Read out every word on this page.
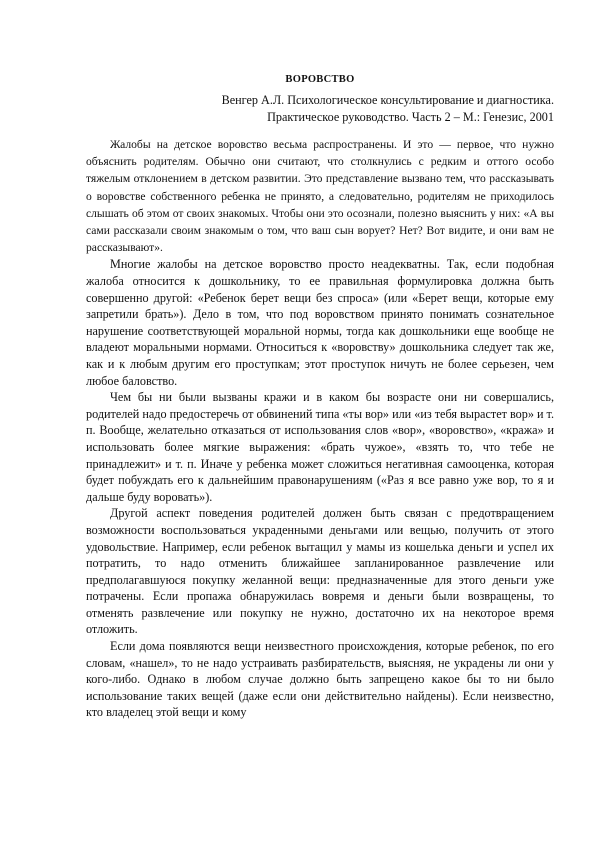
ВОРОВСТВО
Венгер А.Л. Психологическое консультирование и диагностика.
Практическое руководство. Часть 2 – М.: Генезис, 2001

Жалобы на детское воровство весьма распространены. И это — первое, что нужно объяснить родителям. Обычно они считают, что столкнулись с редким и оттого особо тяжелым отклонением в детском развитии. Это представление вызвано тем, что рассказывать о воровстве собственного ребенка не принято, а следовательно, родителям не приходилось слышать об этом от своих знакомых. Чтобы они это осознали, полезно выяснить у них: «А вы сами рассказали своим знакомым о том, что ваш сын ворует? Нет? Вот видите, и они вам не рассказывают».

Многие жалобы на детское воровство просто неадекватны. Так, если подобная жалоба относится к дошкольнику, то ее правильная формулировка должна быть совершенно другой: «Ребенок берет вещи без спроса» (или «Берет вещи, которые ему запретили брать»). Дело в том, что под воровством принято понимать сознательное нарушение соответствующей моральной нормы, тогда как дошкольники еще вообще не владеют моральными нормами. Относиться к «воровству» дошкольника следует так же, как и к любым другим его проступкам; этот проступок ничуть не более серьезен, чем любое баловство.

Чем бы ни были вызваны кражи и в каком бы возрасте они ни совершались, родителей надо предостеречь от обвинений типа «ты вор» или «из тебя вырастет вор» и т. п. Вообще, желательно отказаться от использования слов «вор», «воровство», «кража» и использовать более мягкие выражения: «брать чужое», «взять то, что тебе не принадлежит» и т. п. Иначе у ребенка может сложиться негативная самооценка, которая будет побуждать его к дальнейшим правонарушениям («Раз я все равно уже вор, то я и дальше буду воровать»).

Другой аспект поведения родителей должен быть связан с предотвращением возможности воспользоваться украденными деньгами или вещью, получить от этого удовольствие. Например, если ребенок вытащил у мамы из кошелька деньги и успел их потратить, то надо отменить ближайшее запланированное развлечение или предполагавшуюся покупку желанной вещи: предназначенные для этого деньги уже потрачены. Если пропажа обнаружилась вовремя и деньги были возвращены, то отменять развлечение или покупку не нужно, достаточно их на некоторое время отложить.

Если дома появляются вещи неизвестного происхождения, которые ребенок, по его словам, «нашел», то не надо устраивать разбирательств, выясняя, не украдены ли они у кого-либо. Однако в любом случае должно быть запрещено какое бы то ни было использование таких вещей (даже если они действительно найдены). Если неизвестно, кто владелец этой вещи и кому
